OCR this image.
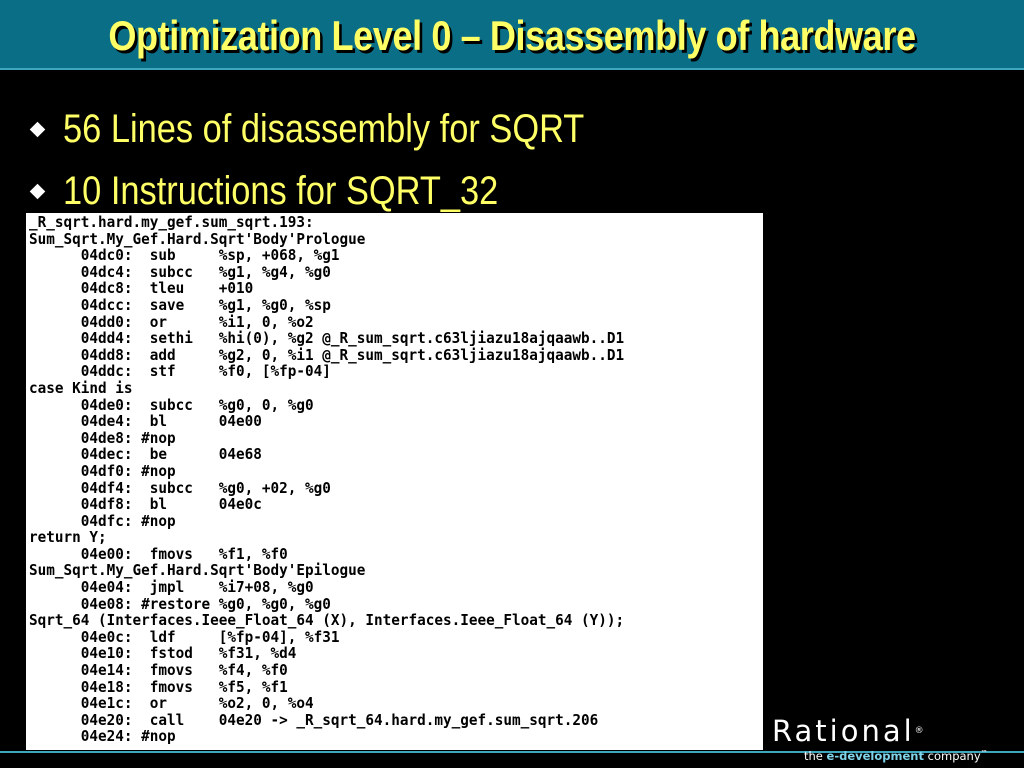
Optimization Level 0 – Disassembly of hardware
56 Lines of disassembly for SQRT
10 Instructions for SQRT_32
_R_sqrt.hard.my_gef.sum_sqrt.193:
Sum_Sqrt.My_Gef.Hard.Sqrt'Body'Prologue
04dc0:  sub     %sp, +068, %g1
04dc4:  subcc   %g1, %g4, %g0
04dc8:  tleu    +010
04dcc:  save    %g1, %g0, %sp
04dd0:  or      %i1, 0, %o2
04dd4:  sethi   %hi(0), %g2 @_R_sum_sqrt.c63ljiazu18ajqaawb..D1
04dd8:  add     %g2, 0, %i1 @_R_sum_sqrt.c63ljiazu18ajqaawb..D1
04ddc:  stf     %f0, [%fp-04]
case Kind is
04de0:  subcc   %g0, 0, %g0
04de4:  bl      04e00
04de8: #nop
04dec:  be      04e68
04df0: #nop
04df4:  subcc   %g0, +02, %g0
04df8:  bl      04e0c
04dfc: #nop
return Y;
04e00:  fmovs   %f1, %f0
Sum_Sqrt.My_Gef.Hard.Sqrt'Body'Epilogue
04e04:  jmpl    %i7+08, %g0
04e08: #restore %g0, %g0, %g0
Sqrt_64 (Interfaces.Ieee_Float_64 (X), Interfaces.Ieee_Float_64 (Y));
04e0c:  ldf     [%fp-04], %f31
04e10:  fstod   %f31, %d4
04e14:  fmovs   %f4, %f0
04e18:  fmovs   %f5, %f1
04e1c:  or      %o2, 0, %o4
04e20:  call    04e20 -> _R_sqrt_64.hard.my_gef.sum_sqrt.206
04e24: #nop	Rational®
the e-development company™
